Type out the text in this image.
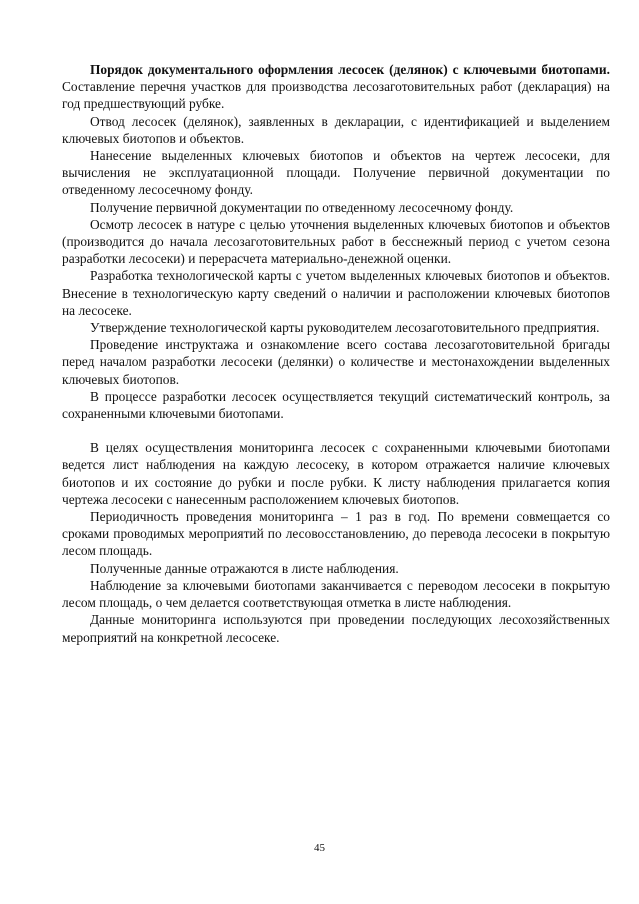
Порядок документального оформления лесосек (делянок) с ключевыми биотопами. Составление перечня участков для производства лесозаготовительных работ (декларация) на год предшествующий рубке.

Отвод лесосек (делянок), заявленных в декларации, с идентификацией и выделением ключевых биотопов и объектов.

Нанесение выделенных ключевых биотопов и объектов на чертеж лесосеки, для вычисления не эксплуатационной площади. Получение первичной документации по отведенному лесосечному фонду.

Получение первичной документации по отведенному лесосечному фонду.

Осмотр лесосек в натуре с целью уточнения выделенных ключевых биотопов и объектов (производится до начала лесозаготовительных работ в бесснежный период с учетом сезона разработки лесосеки) и перерасчета материально-денежной оценки.

Разработка технологической карты с учетом выделенных ключевых биотопов и объектов. Внесение в технологическую карту сведений о наличии и расположении ключевых биотопов на лесосеке.

Утверждение технологической карты руководителем лесозаготовительного предприятия.

Проведение инструктажа и ознакомление всего состава лесозаготовительной бригады перед началом разработки лесосеки (делянки) о количестве и местонахождении выделенных ключевых биотопов.

В процессе разработки лесосек осуществляется текущий систематический контроль, за сохраненными ключевыми биотопами.

В целях осуществления мониторинга лесосек с сохраненными ключевыми биотопами ведется лист наблюдения на каждую лесосеку, в котором отражается наличие ключевых биотопов и их состояние до рубки и после рубки. К листу наблюдения прилагается копия чертежа лесосеки с нанесенным расположением ключевых биотопов.

Периодичность проведения мониторинга – 1 раз в год. По времени совмещается со сроками проводимых мероприятий по лесовосстановлению, до перевода лесосеки в покрытую лесом площадь.

Полученные данные отражаются в листе наблюдения.

Наблюдение за ключевыми биотопами заканчивается с переводом лесосеки в покрытую лесом площадь, о чем делается соответствующая отметка в листе наблюдения.

Данные мониторинга используются при проведении последующих лесохозяйственных мероприятий на конкретной лесосеке.

45
